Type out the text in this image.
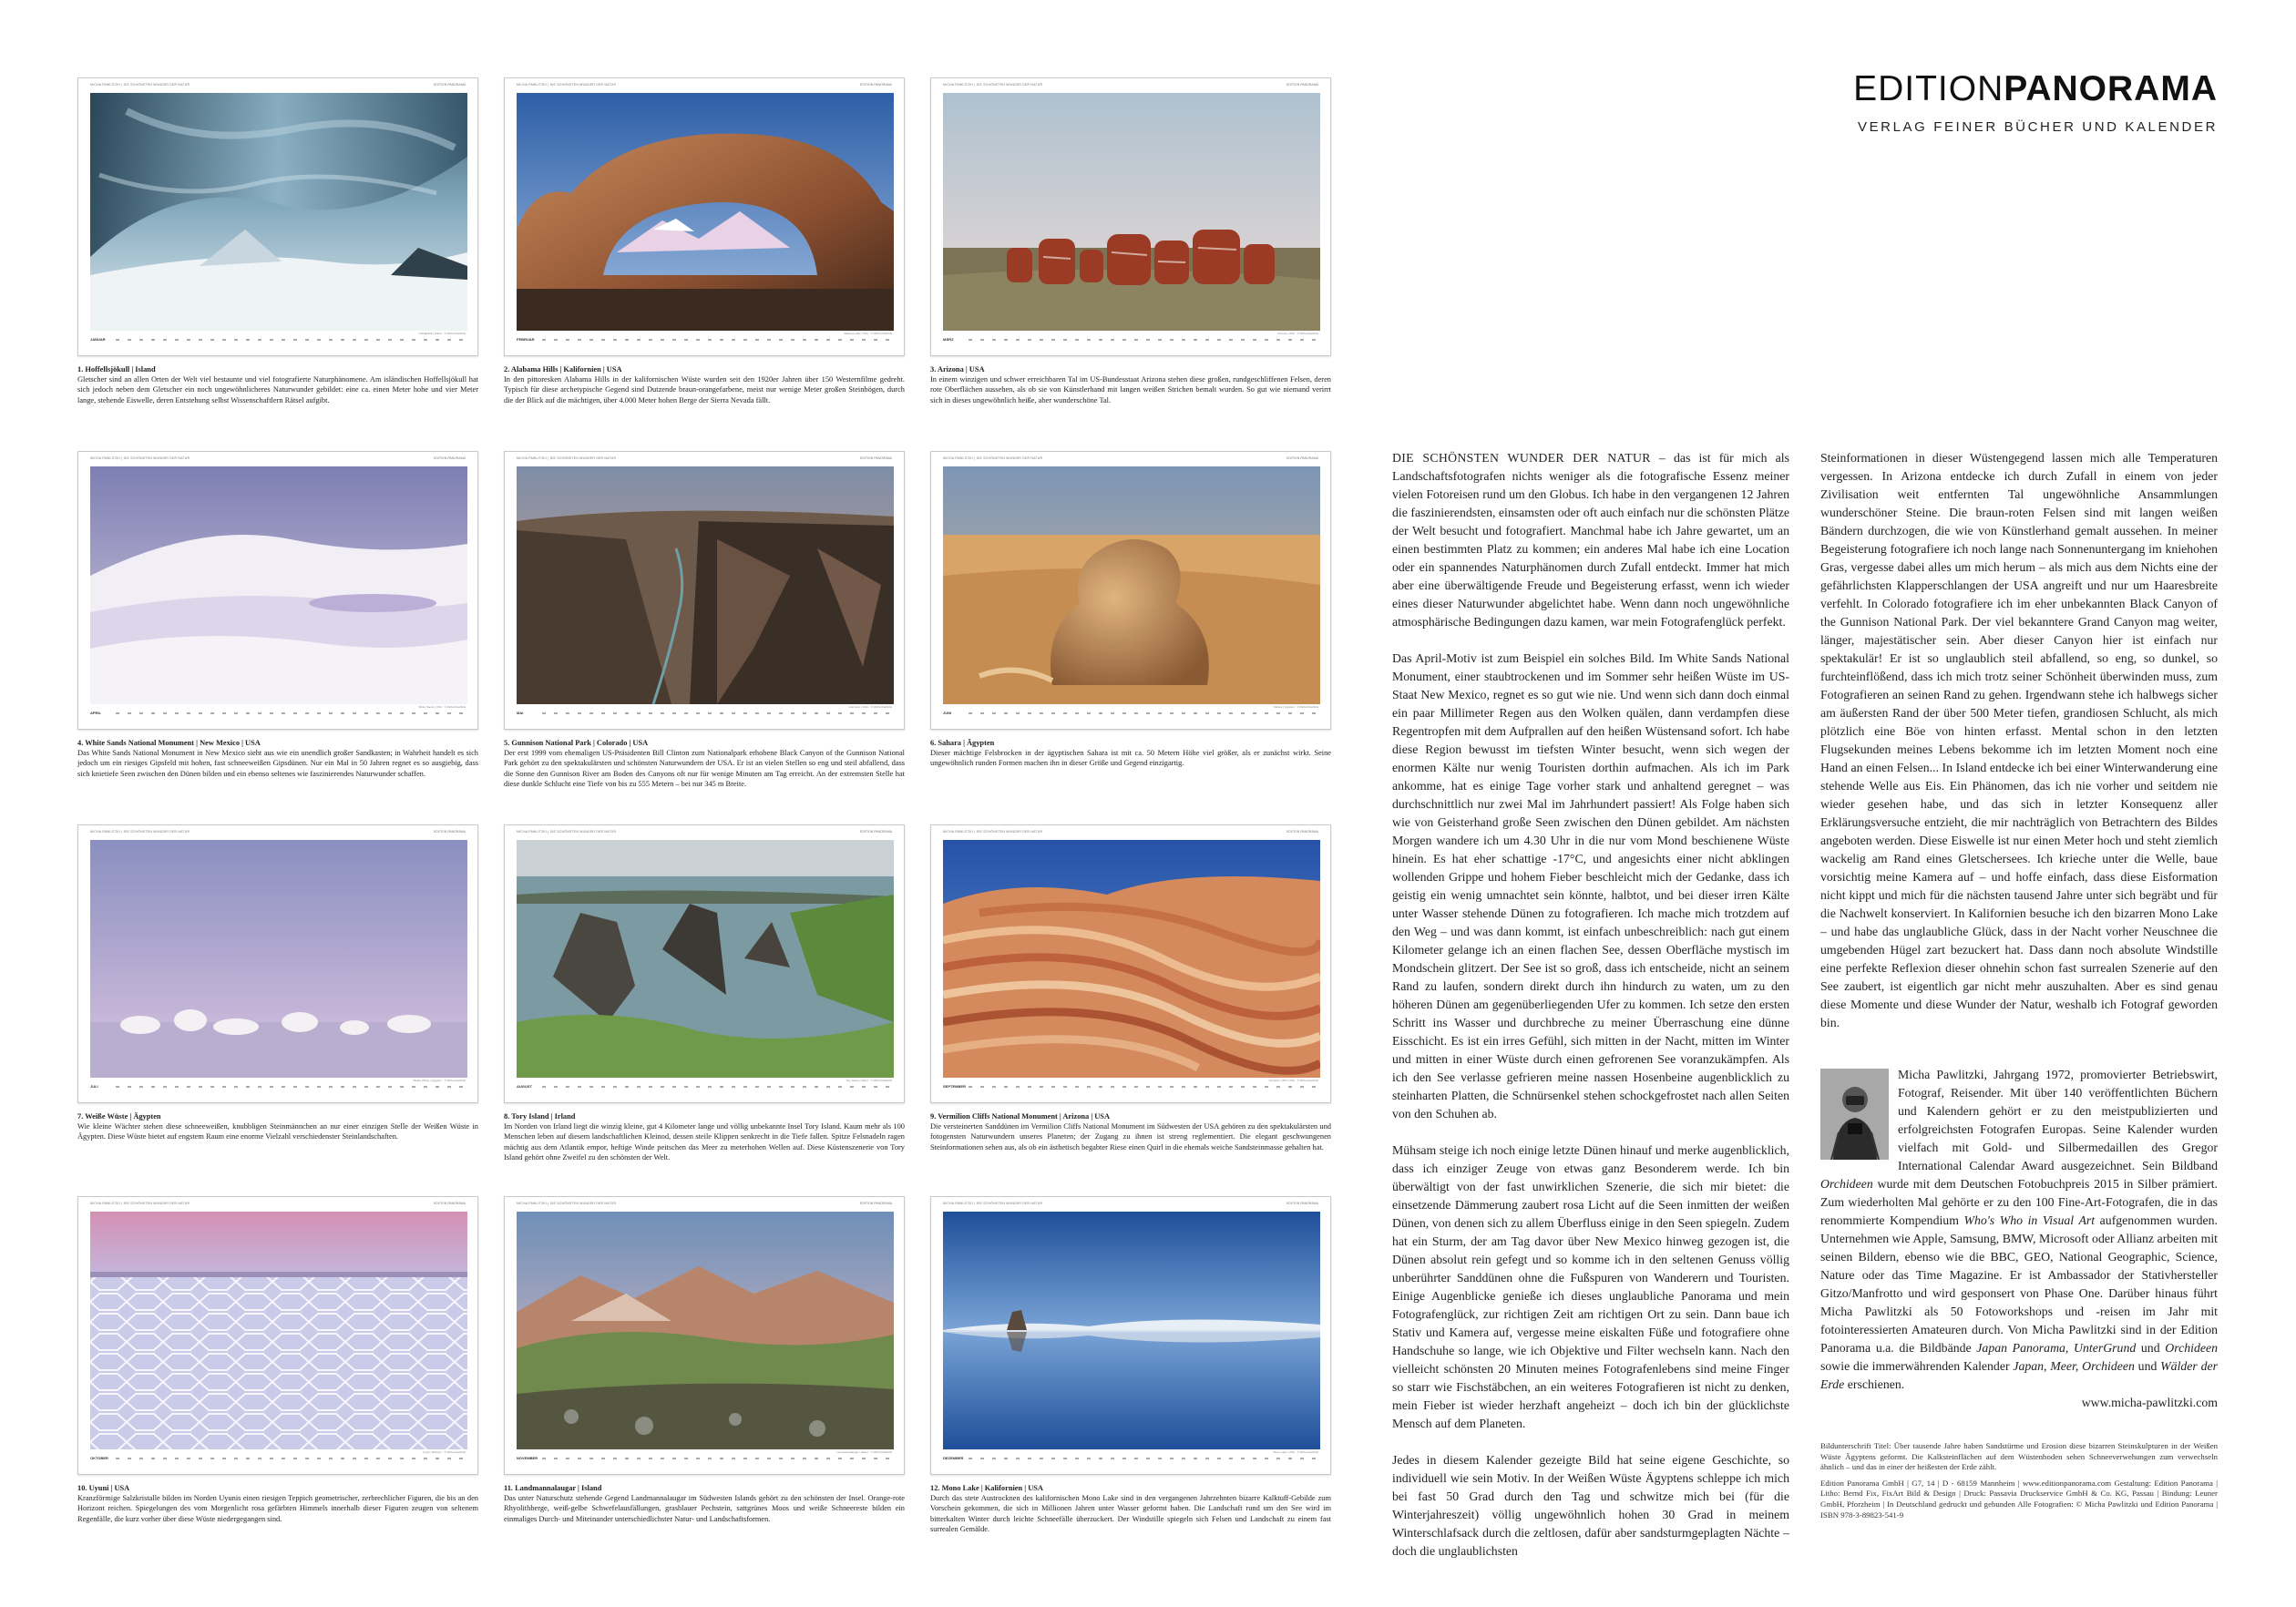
EDITIONPANORAMA
VERLAG FEINER BÜCHER UND KALENDER
MICHA PAWLITZKI | DIE SCHÖNSTEN WUNDER DER NATUR	EDITION PANORAMA
Höfðajökull | Island · © Micha Pawlitzki
JANUAR
1. Hoffellsjökull | Island
Gletscher sind an allen Orten der Welt viel bestaunte und viel fotografierte Naturphänomene. Am isländischen Hoffellsjökull hat sich jedoch neben dem Gletscher ein noch ungewöhnlicheres Naturwunder gebildet: eine ca. einen Meter hohe und vier Meter lange, stehende Eiswelle, deren Entstehung selbst Wissenschaftlern Rätsel aufgibt.
MICHA PAWLITZKI | DIE SCHÖNSTEN WUNDER DER NATUR	EDITION PANORAMA
Alabama Hills | USA · © Micha Pawlitzki
FEBRUAR
2. Alabama Hills | Kalifornien | USA
In den pittoresken Alabama Hills in der kalifornischen Wüste wurden seit den 1920er Jahren über 150 Westernfilme gedreht. Typisch für diese archetypische Gegend sind Dutzende braun-orangefarbene, meist nur wenige Meter großen Steinbögen, durch die der Blick auf die mächtigen, über 4.000 Meter hohen Berge der Sierra Nevada fällt.
MICHA PAWLITZKI | DIE SCHÖNSTEN WUNDER DER NATUR	EDITION PANORAMA
Arizona | USA · © Micha Pawlitzki
MÄRZ
3. Arizona | USA
In einem winzigen und schwer erreichbaren Tal im US-Bundesstaat Arizona stehen diese großen, rundgeschliffenen Felsen, deren rote Oberflächen aussehen, als ob sie von Künstlerhand mit langen weißen Strichen bemalt wurden. So gut wie niemand verirrt sich in dieses ungewöhnlich heiße, aber wunderschöne Tal.
MICHA PAWLITZKI | DIE SCHÖNSTEN WUNDER DER NATUR	EDITION PANORAMA
White Sands | USA · © Micha Pawlitzki
APRIL
4. White Sands National Monument | New Mexico | USA
Das White Sands National Monument in New Mexico sieht aus wie ein unendlich großer Sandkasten; in Wahrheit handelt es sich jedoch um ein riesiges Gipsfeld mit hohen, fast schneeweißen Gipsdünen. Nur ein Mal in 50 Jahren regnet es so ausgiebig, dass sich knietiefe Seen zwischen den Dünen bilden und ein ebenso seltenes wie faszinierendes Naturwunder schaffen.
MICHA PAWLITZKI | DIE SCHÖNSTEN WUNDER DER NATUR	EDITION PANORAMA
Gunnison | USA · © Micha Pawlitzki
MAI
5. Gunnison National Park | Colorado | USA
Der erst 1999 vom ehemaligen US-Präsidenten Bill Clinton zum Nationalpark erhobene Black Canyon of the Gunnison National Park gehört zu den spektakulärsten und schönsten Naturwundern der USA. Er ist an vielen Stellen so eng und steil abfallend, dass die Sonne den Gunnison River am Boden des Canyons oft nur für wenige Minuten am Tag erreicht. An der extremsten Stelle hat diese dunkle Schlucht eine Tiefe von bis zu 555 Metern – bei nur 345 m Breite.
MICHA PAWLITZKI | DIE SCHÖNSTEN WUNDER DER NATUR	EDITION PANORAMA
Sahara | Ägypten · © Micha Pawlitzki
JUNI
6. Sahara | Ägypten
Dieser mächtige Felsbrocken in der ägyptischen Sahara ist mit ca. 50 Metern Höhe viel größer, als er zunächst wirkt. Seine ungewöhnlich runden Formen machen ihn in dieser Größe und Gegend einzigartig.
MICHA PAWLITZKI | DIE SCHÖNSTEN WUNDER DER NATUR	EDITION PANORAMA
Weiße Wüste | Ägypten · © Micha Pawlitzki
JULI
7. Weiße Wüste | Ägypten
Wie kleine Wächter stehen diese schneeweißen, knubbligen Steinmännchen an nur einer einzigen Stelle der Weißen Wüste in Ägypten. Diese Wüste bietet auf engstem Raum eine enorme Vielzahl verschiedenster Steinlandschaften.
MICHA PAWLITZKI | DIE SCHÖNSTEN WUNDER DER NATUR	EDITION PANORAMA
Tory Island | Irland · © Micha Pawlitzki
AUGUST
8. Tory Island | Irland
Im Norden von Irland liegt die winzig kleine, gut 4 Kilometer lange und völlig unbekannte Insel Tory Island. Kaum mehr als 100 Menschen leben auf diesem landschaftlichen Kleinod, dessen steile Klippen senkrecht in die Tiefe fallen. Spitze Felsnadeln ragen mächtig aus dem Atlantik empor, heftige Winde peitschen das Meer zu meterhohen Wellen auf. Diese Küstenszenerie von Tory Island gehört ohne Zweifel zu den schönsten der Welt.
MICHA PAWLITZKI | DIE SCHÖNSTEN WUNDER DER NATUR	EDITION PANORAMA
Vermilion Cliffs | USA · © Micha Pawlitzki
SEPTEMBER
9. Vermilion Cliffs National Monument | Arizona | USA
Die versteinerten Sanddünen im Vermilion Cliffs National Monument im Südwesten der USA gehören zu den spektakulärsten und fotogensten Naturwundern unseres Planeten; der Zugang zu ihnen ist streng reglementiert. Die elegant geschwungenen Steinformationen sehen aus, als ob ein ästhetisch begabter Riese einen Quirl in die ehemals weiche Sandsteinmasse gehalten hat.
MICHA PAWLITZKI | DIE SCHÖNSTEN WUNDER DER NATUR	EDITION PANORAMA
Uyuni | Bolivien · © Micha Pawlitzki
OKTOBER
10. Uyuni | USA
Kranzförmige Salzkristalle bilden im Norden Uyunis einen riesigen Teppich geometrischer, zerbrechlicher Figuren, die bis an den Horizont reichen. Spiegelungen des vom Morgenlicht rosa gefärbten Himmels innerhalb dieser Figuren zeugen von seltenem Regenfälle, die kurz vorher über diese Wüste niedergegangen sind.
MICHA PAWLITZKI | DIE SCHÖNSTEN WUNDER DER NATUR	EDITION PANORAMA
Landmannalaugar | Island · © Micha Pawlitzki
NOVEMBER
11. Landmannalaugar | Island
Das unter Naturschutz stehende Gegend Landmannalaugar im Südwesten Islands gehört zu den schönsten der Insel. Orange-rote Rhyolithberge, weiß-gelbe Schwefelausfällungen, grasblauer Pechstein, sattgrünes Moos und weiße Schneereste bilden ein einmaliges Durch- und Miteinander unterschiedlichster Natur- und Landschaftsformen.
MICHA PAWLITZKI | DIE SCHÖNSTEN WUNDER DER NATUR	EDITION PANORAMA
Mono Lake | USA · © Micha Pawlitzki
DEZEMBER
12. Mono Lake | Kalifornien | USA
Durch das stete Austrocknen des kalifornischen Mono Lake sind in den vergangenen Jahrzehnten bizarre Kalktuff-Gebilde zum Vorschein gekommen, die sich in Millionen Jahren unter Wasser geformt haben. Die Landschaft rund um den See wird im bitterkalten Winter durch leichte Schneefälle überzuckert. Der Windstille spiegeln sich Felsen und Landschaft zu einem fast surrealen Gemälde.

DIE SCHÖNSTEN WUNDER DER NATUR – das ist für mich als Landschaftsfotografen nichts weniger als die fotografische Essenz meiner vielen Fotoreisen rund um den Globus. Ich habe in den vergangenen 12 Jahren die faszinierendsten, einsamsten oder oft auch einfach nur die schönsten Plätze der Welt besucht und fotografiert. Manchmal habe ich Jahre gewartet, um an einen bestimmten Platz zu kommen; ein anderes Mal habe ich eine Location oder ein spannendes Naturphänomen durch Zufall entdeckt. Immer hat mich aber eine überwältigende Freude und Begeisterung erfasst, wenn ich wieder eines dieser Naturwunder abgelichtet habe. Wenn dann noch ungewöhnliche atmosphärische Bedingungen dazu kamen, war mein Fotografenglück perfekt.

Das April-Motiv ist zum Beispiel ein solches Bild. Im White Sands National Monument, einer staubtrockenen und im Sommer sehr heißen Wüste im US-Staat New Mexico, regnet es so gut wie nie. Und wenn sich dann doch einmal ein paar Millimeter Regen aus den Wolken quälen, dann verdampfen diese Regentropfen mit dem Aufprallen auf den heißen Wüstensand sofort. Ich habe diese Region bewusst im tiefsten Winter besucht, wenn sich wegen der enormen Kälte nur wenig Touristen dorthin aufmachen. Als ich im Park ankomme, hat es einige Tage vorher stark und anhaltend geregnet – was durchschnittlich nur zwei Mal im Jahrhundert passiert! Als Folge haben sich wie von Geisterhand große Seen zwischen den Dünen gebildet. Am nächsten Morgen wandere ich um 4.30 Uhr in die nur vom Mond beschienene Wüste hinein. Es hat eher schattige -17°C, und angesichts einer nicht abklingen wollenden Grippe und hohem Fieber beschleicht mich der Gedanke, dass ich geistig ein wenig umnachtet sein könnte, halbtot, und bei dieser irren Kälte unter Wasser stehende Dünen zu fotografieren. Ich mache mich trotzdem auf den Weg – und was dann kommt, ist einfach unbeschreiblich: nach gut einem Kilometer gelange ich an einen flachen See, dessen Oberfläche mystisch im Mondschein glitzert. Der See ist so groß, dass ich entscheide, nicht an seinem Rand zu laufen, sondern direkt durch ihn hindurch zu waten, um zu den höheren Dünen am gegenüberliegenden Ufer zu kommen. Ich setze den ersten Schritt ins Wasser und durchbreche zu meiner Überraschung eine dünne Eisschicht. Es ist ein irres Gefühl, sich mitten in der Nacht, mitten im Winter und mitten in einer Wüste durch einen gefrorenen See voranzukämpfen. Als ich den See verlasse gefrieren meine nassen Hosenbeine augenblicklich zu steinharten Platten, die Schnürsenkel stehen schockgefrostet nach allen Seiten von den Schuhen ab.

Mühsam steige ich noch einige letzte Dünen hinauf und merke augenblicklich, dass ich einziger Zeuge von etwas ganz Besonderem werde. Ich bin überwältigt von der fast unwirklichen Szenerie, die sich mir bietet: die einsetzende Dämmerung zaubert rosa Licht auf die Seen inmitten der weißen Dünen, von denen sich zu allem Überfluss einige in den Seen spiegeln. Zudem hat ein Sturm, der am Tag davor über New Mexico hinweg gezogen ist, die Dünen absolut rein gefegt und so komme ich in den seltenen Genuss völlig unberührter Sanddünen ohne die Fußspuren von Wanderern und Touristen. Einige Augenblicke genieße ich dieses unglaubliche Panorama und mein Fotografenglück, zur richtigen Zeit am richtigen Ort zu sein. Dann baue ich Stativ und Kamera auf, vergesse meine eiskalten Füße und fotografiere ohne Handschuhe so lange, wie ich Objektive und Filter wechseln kann. Nach den vielleicht schönsten 20 Minuten meines Fotografenlebens sind meine Finger so starr wie Fischstäbchen, an ein weiteres Fotografieren ist nicht zu denken, mein Fieber ist wieder herzhaft angeheizt – doch ich bin der glücklichste Mensch auf dem Planeten.

Jedes in diesem Kalender gezeigte Bild hat seine eigene Geschichte, so individuell wie sein Motiv. In der Weißen Wüste Ägyptens schleppe ich mich bei fast 50 Grad durch den Tag und schwitze mich bei (für die Winterjahreszeit) völlig ungewöhnlich hohen 30 Grad in meinem Winterschlafsack durch die zeltlosen, dafür aber sandsturmgeplagten Nächte – doch die unglaublichsten

Steinformationen in dieser Wüstengegend lassen mich alle Temperaturen vergessen. In Arizona entdecke ich durch Zufall in einem von jeder Zivilisation weit entfernten Tal ungewöhnliche Ansammlungen wunderschöner Steine. Die braun-roten Felsen sind mit langen weißen Bändern durchzogen, die wie von Künstlerhand gemalt aussehen. In meiner Begeisterung fotografiere ich noch lange nach Sonnenuntergang im kniehohen Gras, vergesse dabei alles um mich herum – als mich aus dem Nichts eine der gefährlichsten Klapperschlangen der USA angreift und nur um Haaresbreite verfehlt. In Colorado fotografiere ich im eher unbekannten Black Canyon of the Gunnison National Park. Der viel bekanntere Grand Canyon mag weiter, länger, majestätischer sein. Aber dieser Canyon hier ist einfach nur spektakulär! Er ist so unglaublich steil abfallend, so eng, so dunkel, so furchteinflößend, dass ich mich trotz seiner Schönheit überwinden muss, zum Fotografieren an seinen Rand zu gehen. Irgendwann stehe ich halbwegs sicher am äußersten Rand der über 500 Meter tiefen, grandiosen Schlucht, als mich plötzlich eine Böe von hinten erfasst. Mental schon in den letzten Flugsekunden meines Lebens bekomme ich im letzten Moment noch eine Hand an einen Felsen... In Island entdecke ich bei einer Winterwanderung eine stehende Welle aus Eis. Ein Phänomen, das ich nie vorher und seitdem nie wieder gesehen habe, und das sich in letzter Konsequenz aller Erklärungsversuche entzieht, die mir nachträglich von Betrachtern des Bildes angeboten werden. Diese Eiswelle ist nur einen Meter hoch und steht ziemlich wackelig am Rand eines Gletschersees. Ich krieche unter die Welle, baue vorsichtig meine Kamera auf – und hoffe einfach, dass diese Eisformation nicht kippt und mich für die nächsten tausend Jahre unter sich begräbt und für die Nachwelt konserviert. In Kalifornien besuche ich den bizarren Mono Lake – und habe das unglaubliche Glück, dass in der Nacht vorher Neuschnee die umgebenden Hügel zart bezuckert hat. Dass dann noch absolute Windstille eine perfekte Reflexion dieser ohnehin schon fast surrealen Szenerie auf den See zaubert, ist eigentlich gar nicht mehr auszuhalten. Aber es sind genau diese Momente und diese Wunder der Natur, weshalb ich Fotograf geworden bin.

Micha Pawlitzki, Jahrgang 1972, promovierter Betriebswirt, Fotograf, Reisender. Mit über 140 veröffentlichten Büchern und Kalendern gehört er zu den meistpublizierten und erfolgreichsten Fotografen Europas. Seine Kalender wurden vielfach mit Gold- und Silbermedaillen des Gregor International Calendar Award ausgezeichnet. Sein Bildband Orchideen wurde mit dem Deutschen Fotobuchpreis 2015 in Silber prämiert. Zum wiederholten Mal gehörte er zu den 100 Fine-Art-Fotografen, die in das renommierte Kompendium Who's Who in Visual Art aufgenommen wurden. Unternehmen wie Apple, Samsung, BMW, Microsoft oder Allianz arbeiten mit seinen Bildern, ebenso wie die BBC, GEO, National Geographic, Science, Nature oder das Time Magazine. Er ist Ambassador der Stativhersteller Gitzo/Manfrotto und wird gesponsert von Phase One. Darüber hinaus führt Micha Pawlitzki als 50 Fotoworkshops und -reisen im Jahr mit fotointeressierten Amateuren durch. Von Micha Pawlitzki sind in der Edition Panorama u.a. die Bildbände Japan Panorama, UnterGrund und Orchideen sowie die immerwährenden Kalender Japan, Meer, Orchideen und Wälder der Erde erschienen.
www.micha-pawlitzki.com

Bildunterschrift Titel: Über tausende Jahre haben Sandstürme und Erosion diese bizarren Steinskulpturen in der Weißen Wüste Ägyptens geformt. Die Kalksteinflächen auf dem Wüstenboden sehen Schneeverwehungen zum verwechseln ähnlich – und das in einer der heißesten der Erde zählt.

Edition Panorama GmbH | G7, 14 | D - 68159 Mannheim | www.editionpanorama.com Gestaltung: Edition Panorama | Litho: Bernd Fix, FixArt Bild & Design | Druck: Passavia Druckservice GmbH & Co. KG, Passau | Bindung: Leuner GmbH, Pforzheim | In Deutschland gedruckt und gebunden Alle Fotografien: © Micha Pawlitzki und Edition Panorama | ISBN 978-3-89823-541-9
